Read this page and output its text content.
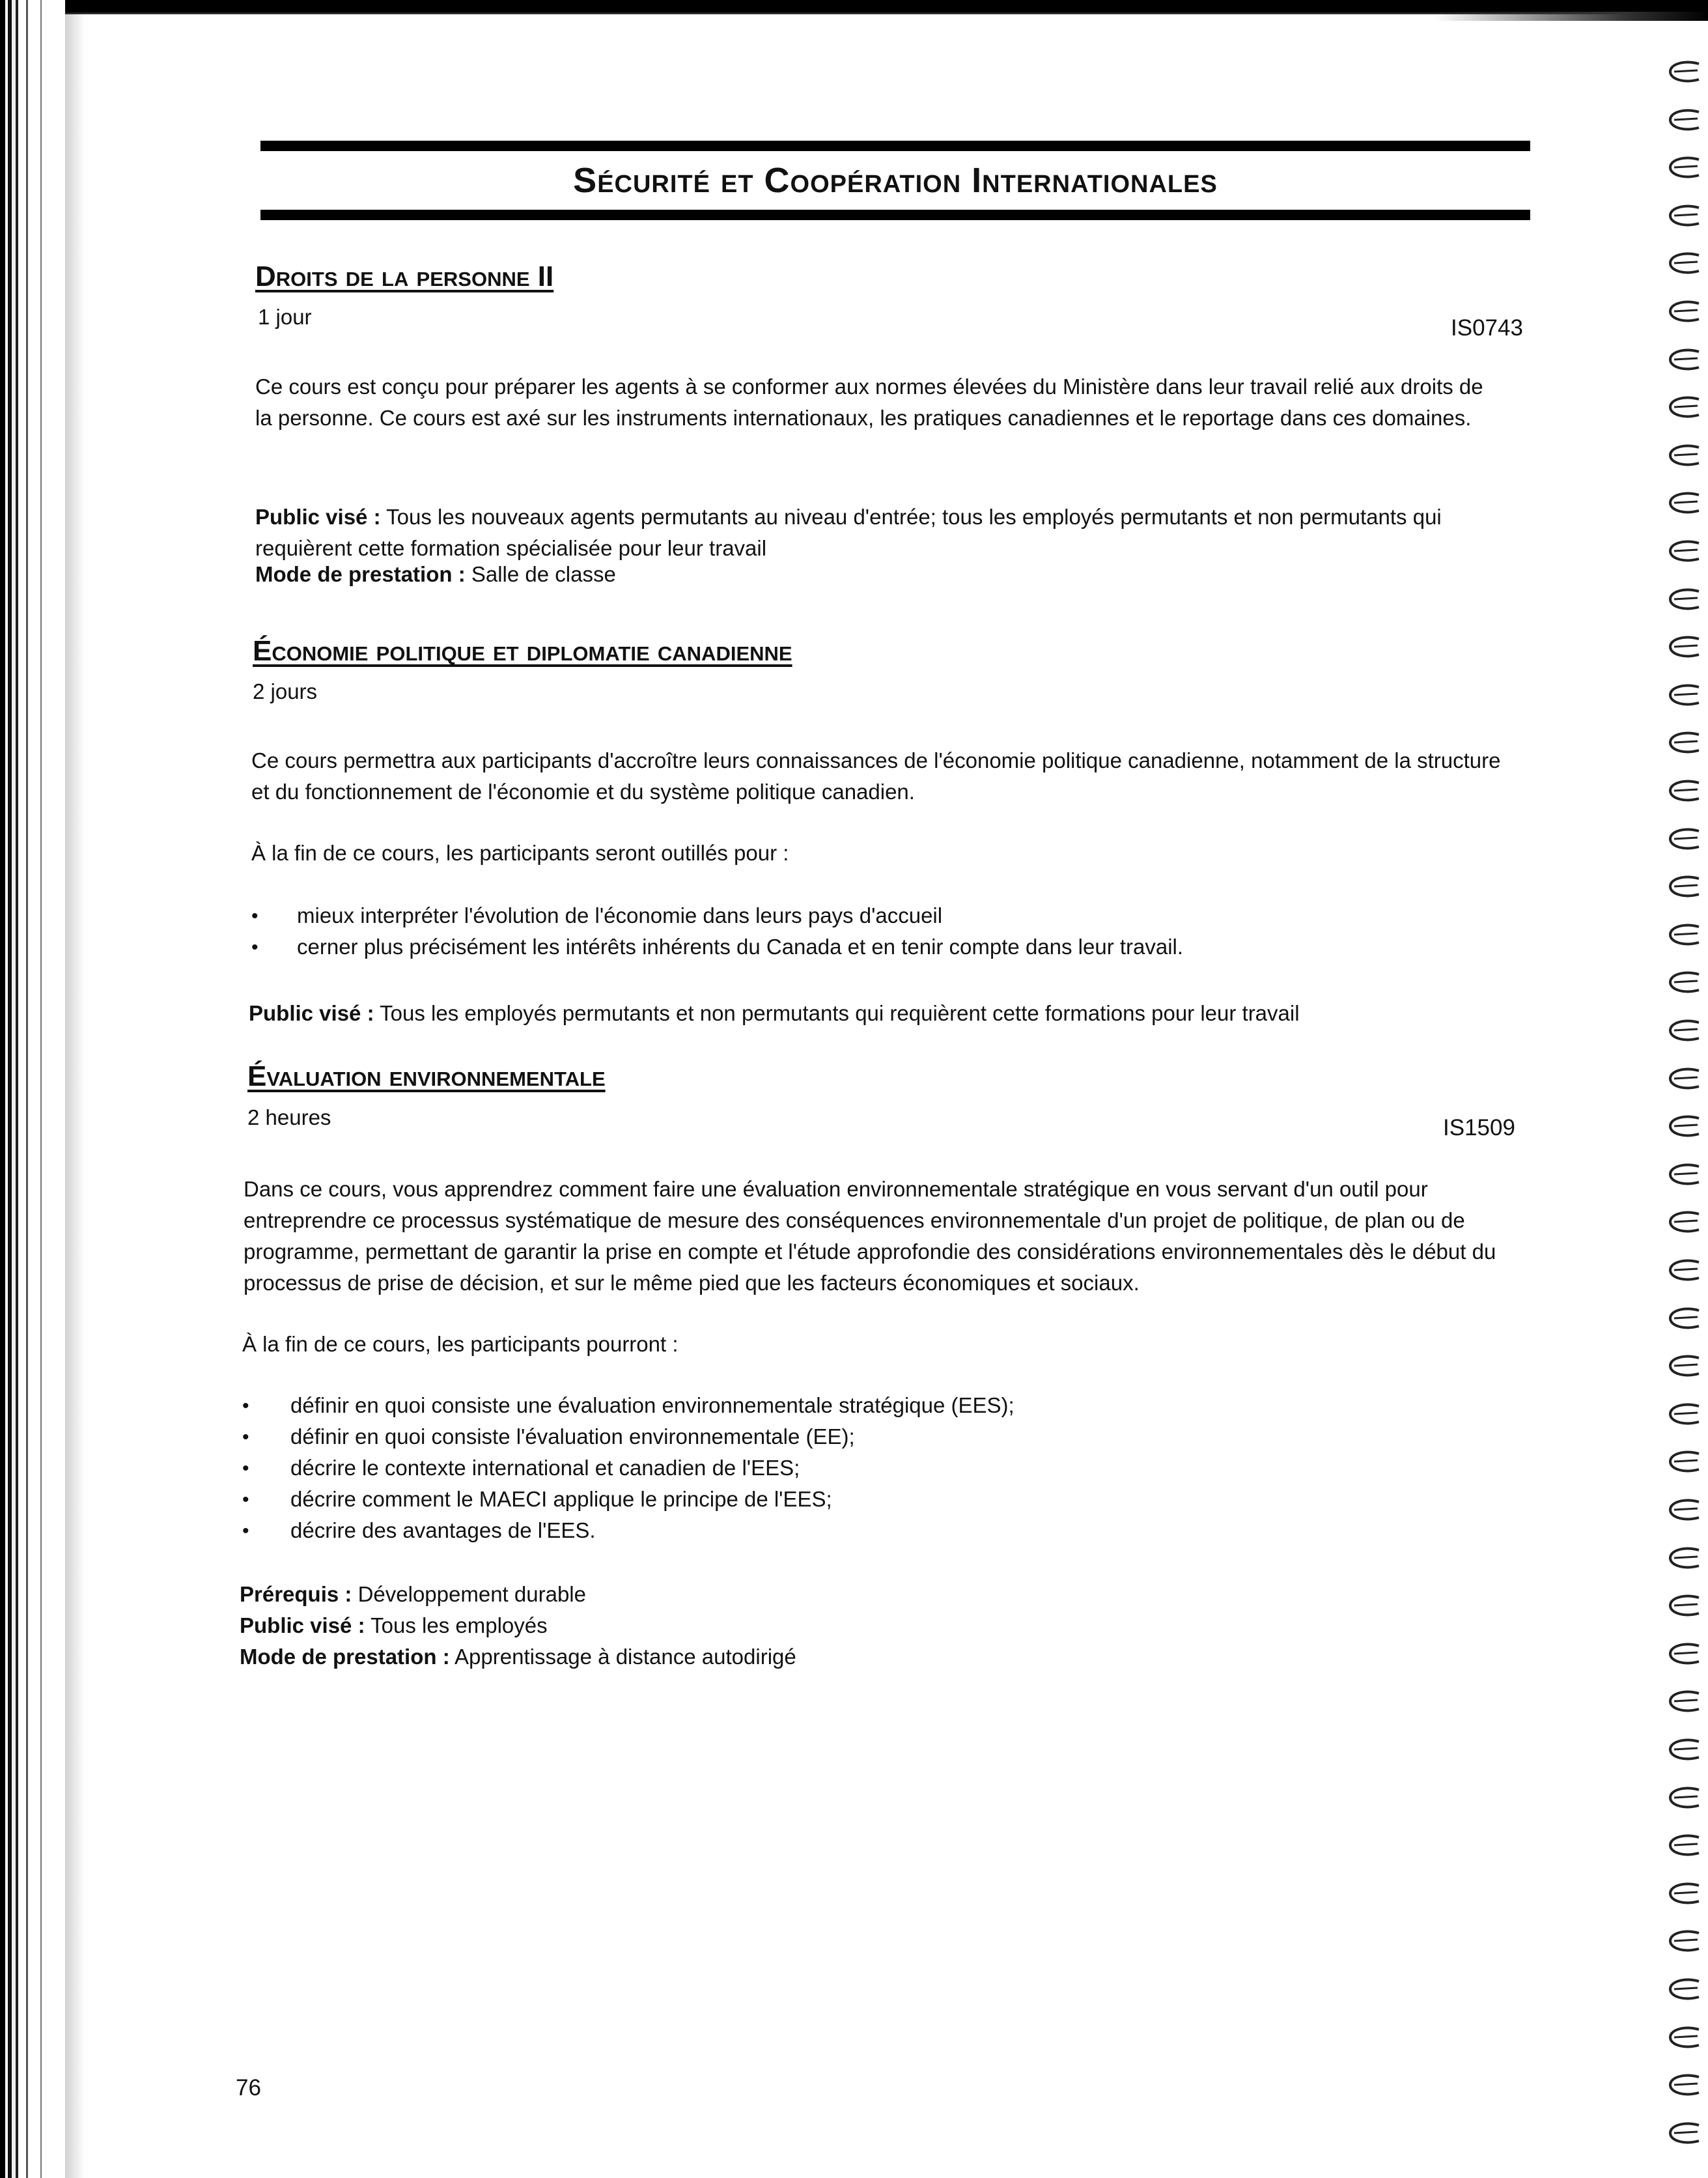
Sécurité et Coopération Internationales
Droits de la personne II
1 jour	IS0743
Ce cours est conçu pour préparer les agents à se conformer aux normes élevées du Ministère dans leur travail relié aux droits de la personne. Ce cours est axé sur les instruments internationaux, les pratiques canadiennes et le reportage dans ces domaines.
Public visé : Tous les nouveaux agents permutants au niveau d'entrée; tous les employés permutants et non permutants qui requièrent cette formation spécialisée pour leur travail
Mode de prestation : Salle de classe
Économie politique et diplomatie canadienne
2 jours
Ce cours permettra aux participants d'accroître leurs connaissances de l'économie politique canadienne, notamment de la structure et du fonctionnement de l'économie et du système politique canadien.
À la fin de ce cours, les participants seront outillés pour :
• mieux interpréter l'évolution de l'économie dans leurs pays d'accueil
• cerner plus précisément les intérêts inhérents du Canada et en tenir compte dans leur travail.
Public visé : Tous les employés permutants et non permutants qui requièrent cette formations pour leur travail
Évaluation environnementale
2 heures	IS1509
Dans ce cours, vous apprendrez comment faire une évaluation environnementale stratégique en vous servant d'un outil pour entreprendre ce processus systématique de mesure des conséquences environnementale d'un projet de politique, de plan ou de programme, permettant de garantir la prise en compte et l'étude approfondie des considérations environnementales dès le début du processus de prise de décision, et sur le même pied que les facteurs économiques et sociaux.
À la fin de ce cours, les participants pourront :
• définir en quoi consiste une évaluation environnementale stratégique (EES);
• définir en quoi consiste l'évaluation environnementale (EE);
• décrire le contexte international et canadien de l'EES;
• décrire comment le MAECI applique le principe de l'EES;
• décrire des avantages de l'EES.
Prérequis : Développement durable
Public visé : Tous les employés
Mode de prestation : Apprentissage à distance autodirigé
76
